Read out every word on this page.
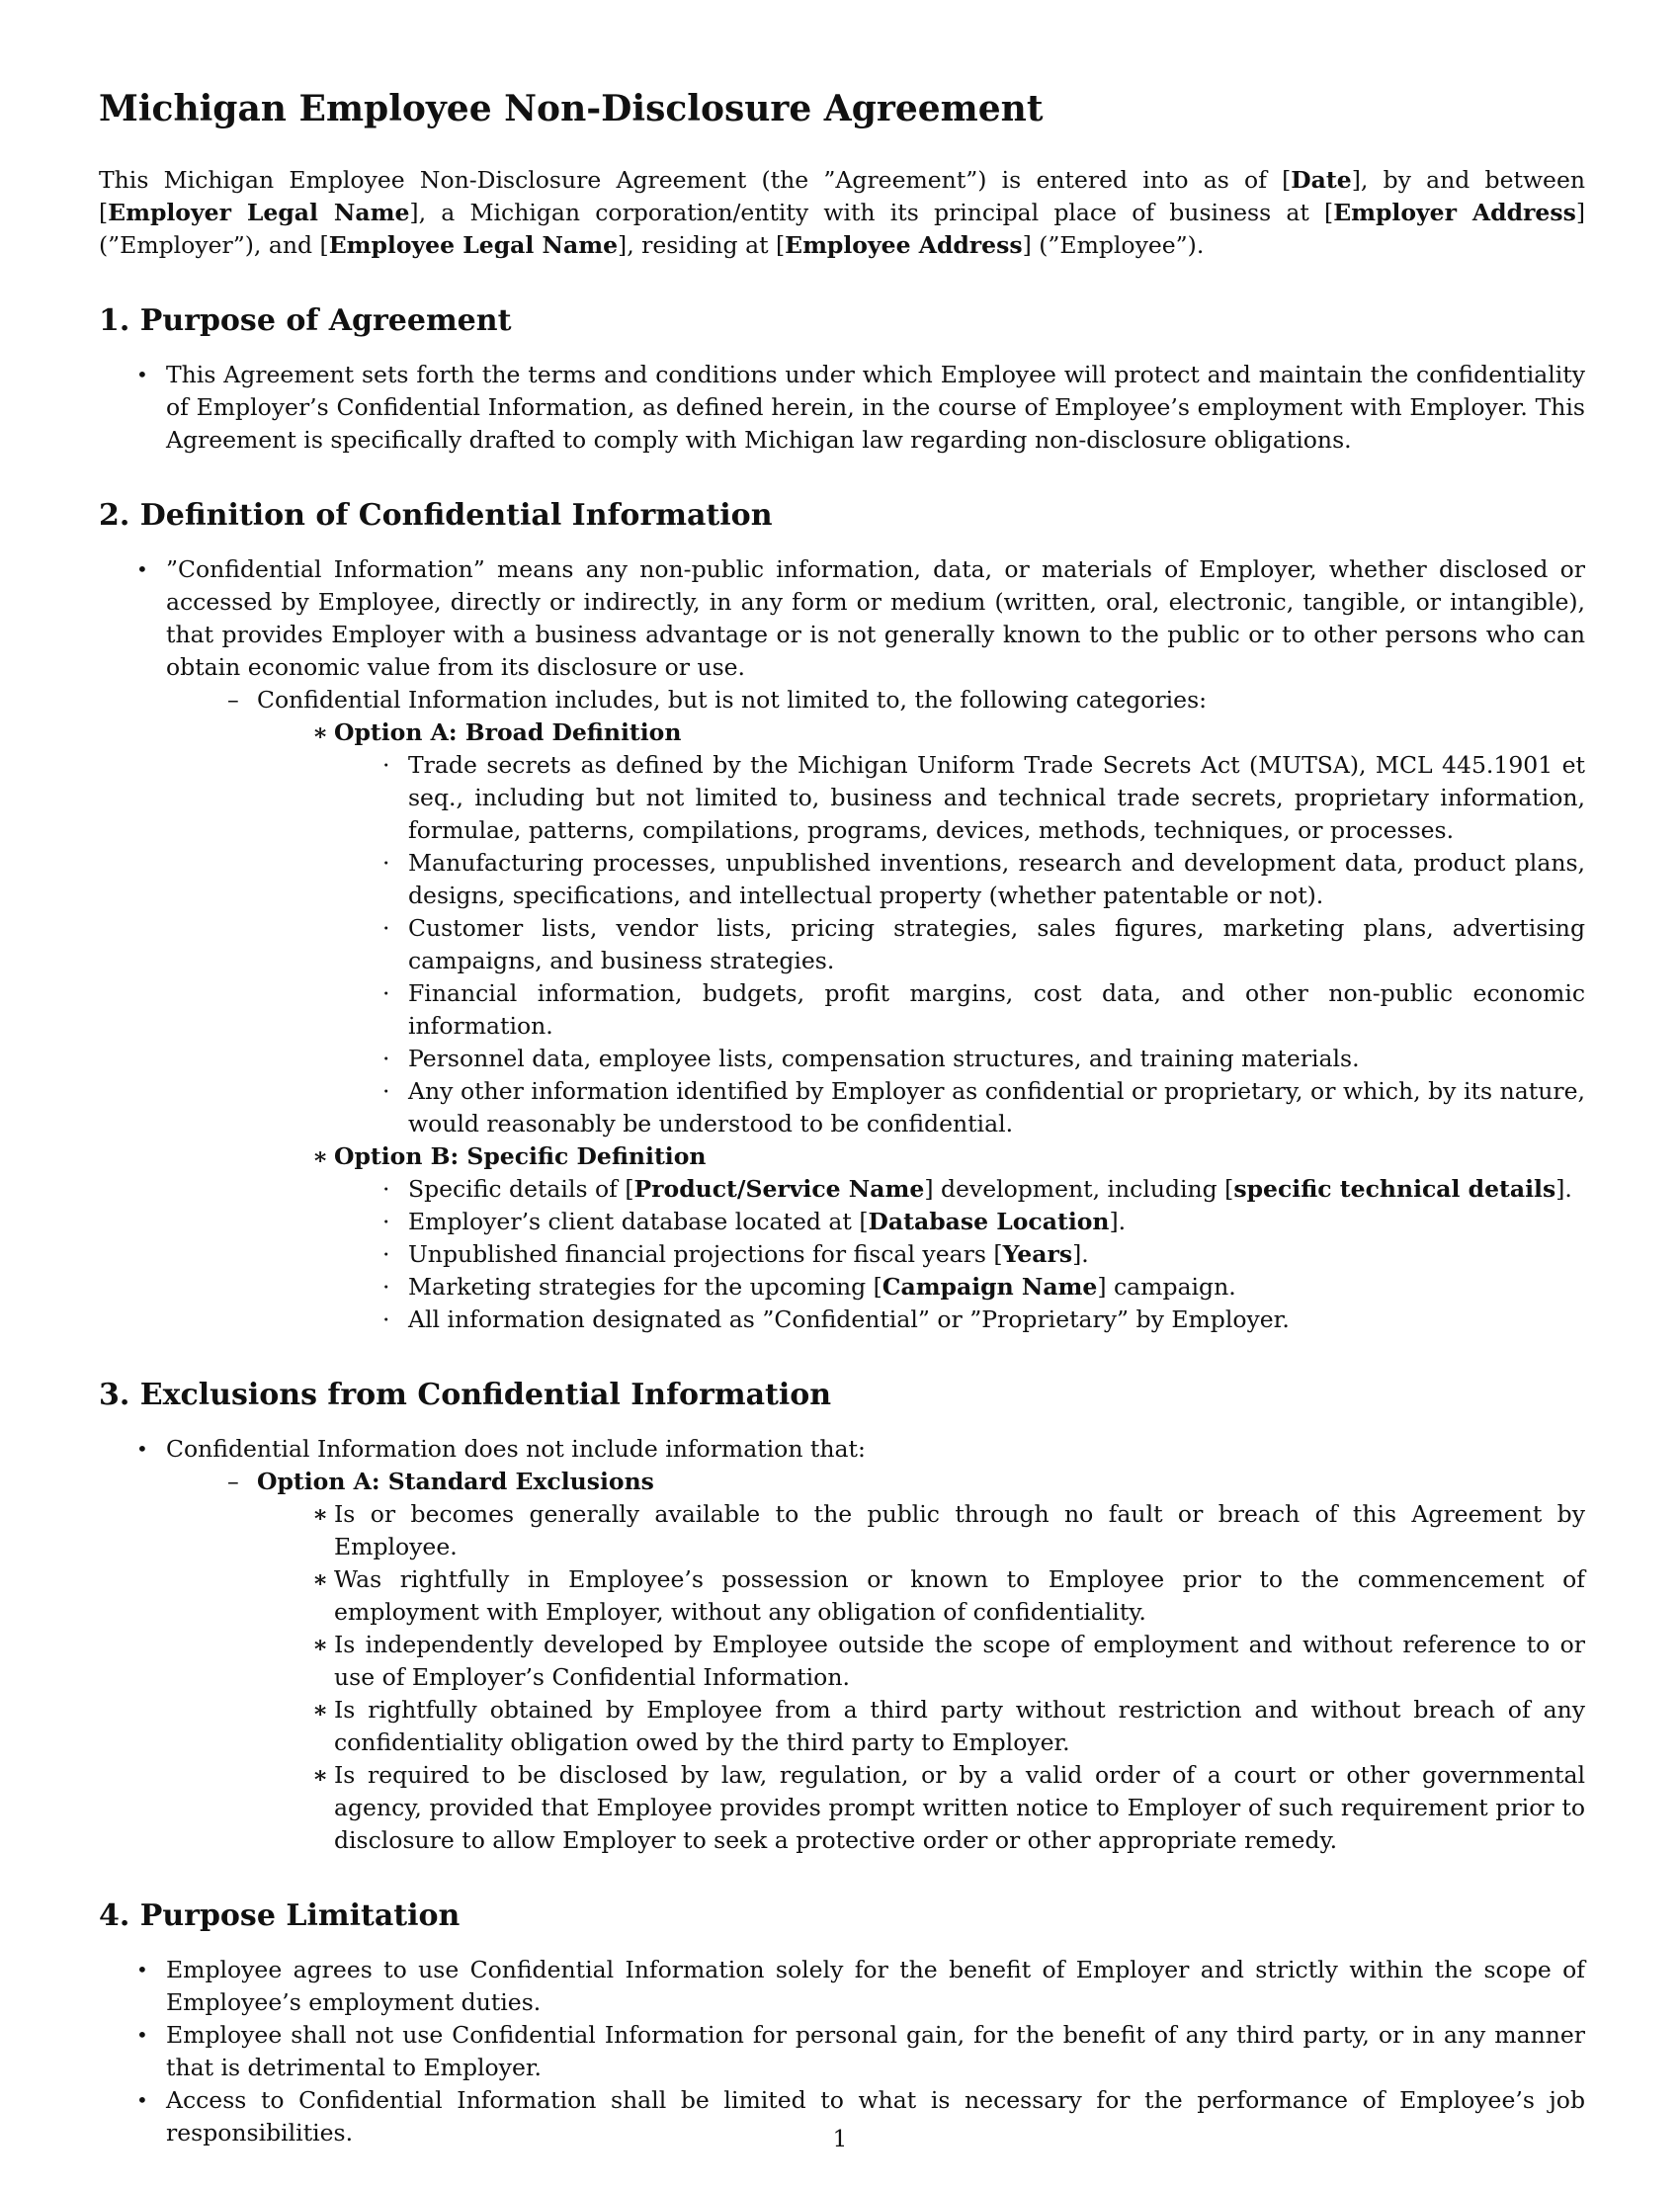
Michigan Employee Non-Disclosure Agreement

This Michigan Employee Non-Disclosure Agreement (the ”Agreement”) is entered into as of [Date], by and between [Employer Legal Name], a Michigan corporation/entity with its principal place of business at [Employer Address] (”Employer”), and [Employee Legal Name], residing at [Employee Address] (”Employee”).

1. Purpose of Agreement
• This Agreement sets forth the terms and conditions under which Employee will protect and maintain the confidentiality of Employer’s Confidential Information, as defined herein, in the course of Employee’s employment with Employer. This Agreement is specifically drafted to comply with Michigan law regarding non-disclosure obligations.
2. Definition of Confidential Information
• ”Confidential Information” means any non-public information, data, or materials of Employer, whether disclosed or accessed by Employee, directly or indirectly, in any form or medium (written, oral, electronic, tangible, or intangible), that provides Employer with a business advantage or is not generally known to the public or to other persons who can obtain economic value from its disclosure or use.
– Confidential Information includes, but is not limited to, the following categories:
∗ Option A: Broad Definition
· Trade secrets as defined by the Michigan Uniform Trade Secrets Act (MUTSA), MCL 445.1901 et seq., including but not limited to, business and technical trade secrets, proprietary information, formulae, patterns, compilations, programs, devices, methods, techniques, or processes.
· Manufacturing processes, unpublished inventions, research and development data, product plans, designs, specifications, and intellectual property (whether patentable or not).
· Customer lists, vendor lists, pricing strategies, sales figures, marketing plans, advertising campaigns, and business strategies.
· Financial information, budgets, profit margins, cost data, and other non-public economic information.
· Personnel data, employee lists, compensation structures, and training materials.
· Any other information identified by Employer as confidential or proprietary, or which, by its nature, would reasonably be understood to be confidential.
∗ Option B: Specific Definition
· Specific details of [Product/Service Name] development, including [specific technical details].
· Employer’s client database located at [Database Location].
· Unpublished financial projections for fiscal years [Years].
· Marketing strategies for the upcoming [Campaign Name] campaign.
· All information designated as ”Confidential” or ”Proprietary” by Employer.
3. Exclusions from Confidential Information
• Confidential Information does not include information that:
– Option A: Standard Exclusions
∗ Is or becomes generally available to the public through no fault or breach of this Agreement by Employee.
∗ Was rightfully in Employee’s possession or known to Employee prior to the commencement of employment with Employer, without any obligation of confidentiality.
∗ Is independently developed by Employee outside the scope of employment and without reference to or use of Employer’s Confidential Information.
∗ Is rightfully obtained by Employee from a third party without restriction and without breach of any confidentiality obligation owed by the third party to Employer.
∗ Is required to be disclosed by law, regulation, or by a valid order of a court or other governmental agency, provided that Employee provides prompt written notice to Employer of such requirement prior to disclosure to allow Employer to seek a protective order or other appropriate remedy.
4. Purpose Limitation
• Employee agrees to use Confidential Information solely for the benefit of Employer and strictly within the scope of Employee’s employment duties.
• Employee shall not use Confidential Information for personal gain, for the benefit of any third party, or in any manner that is detrimental to Employer.
• Access to Confidential Information shall be limited to what is necessary for the performance of Employee’s job responsibilities.	1
